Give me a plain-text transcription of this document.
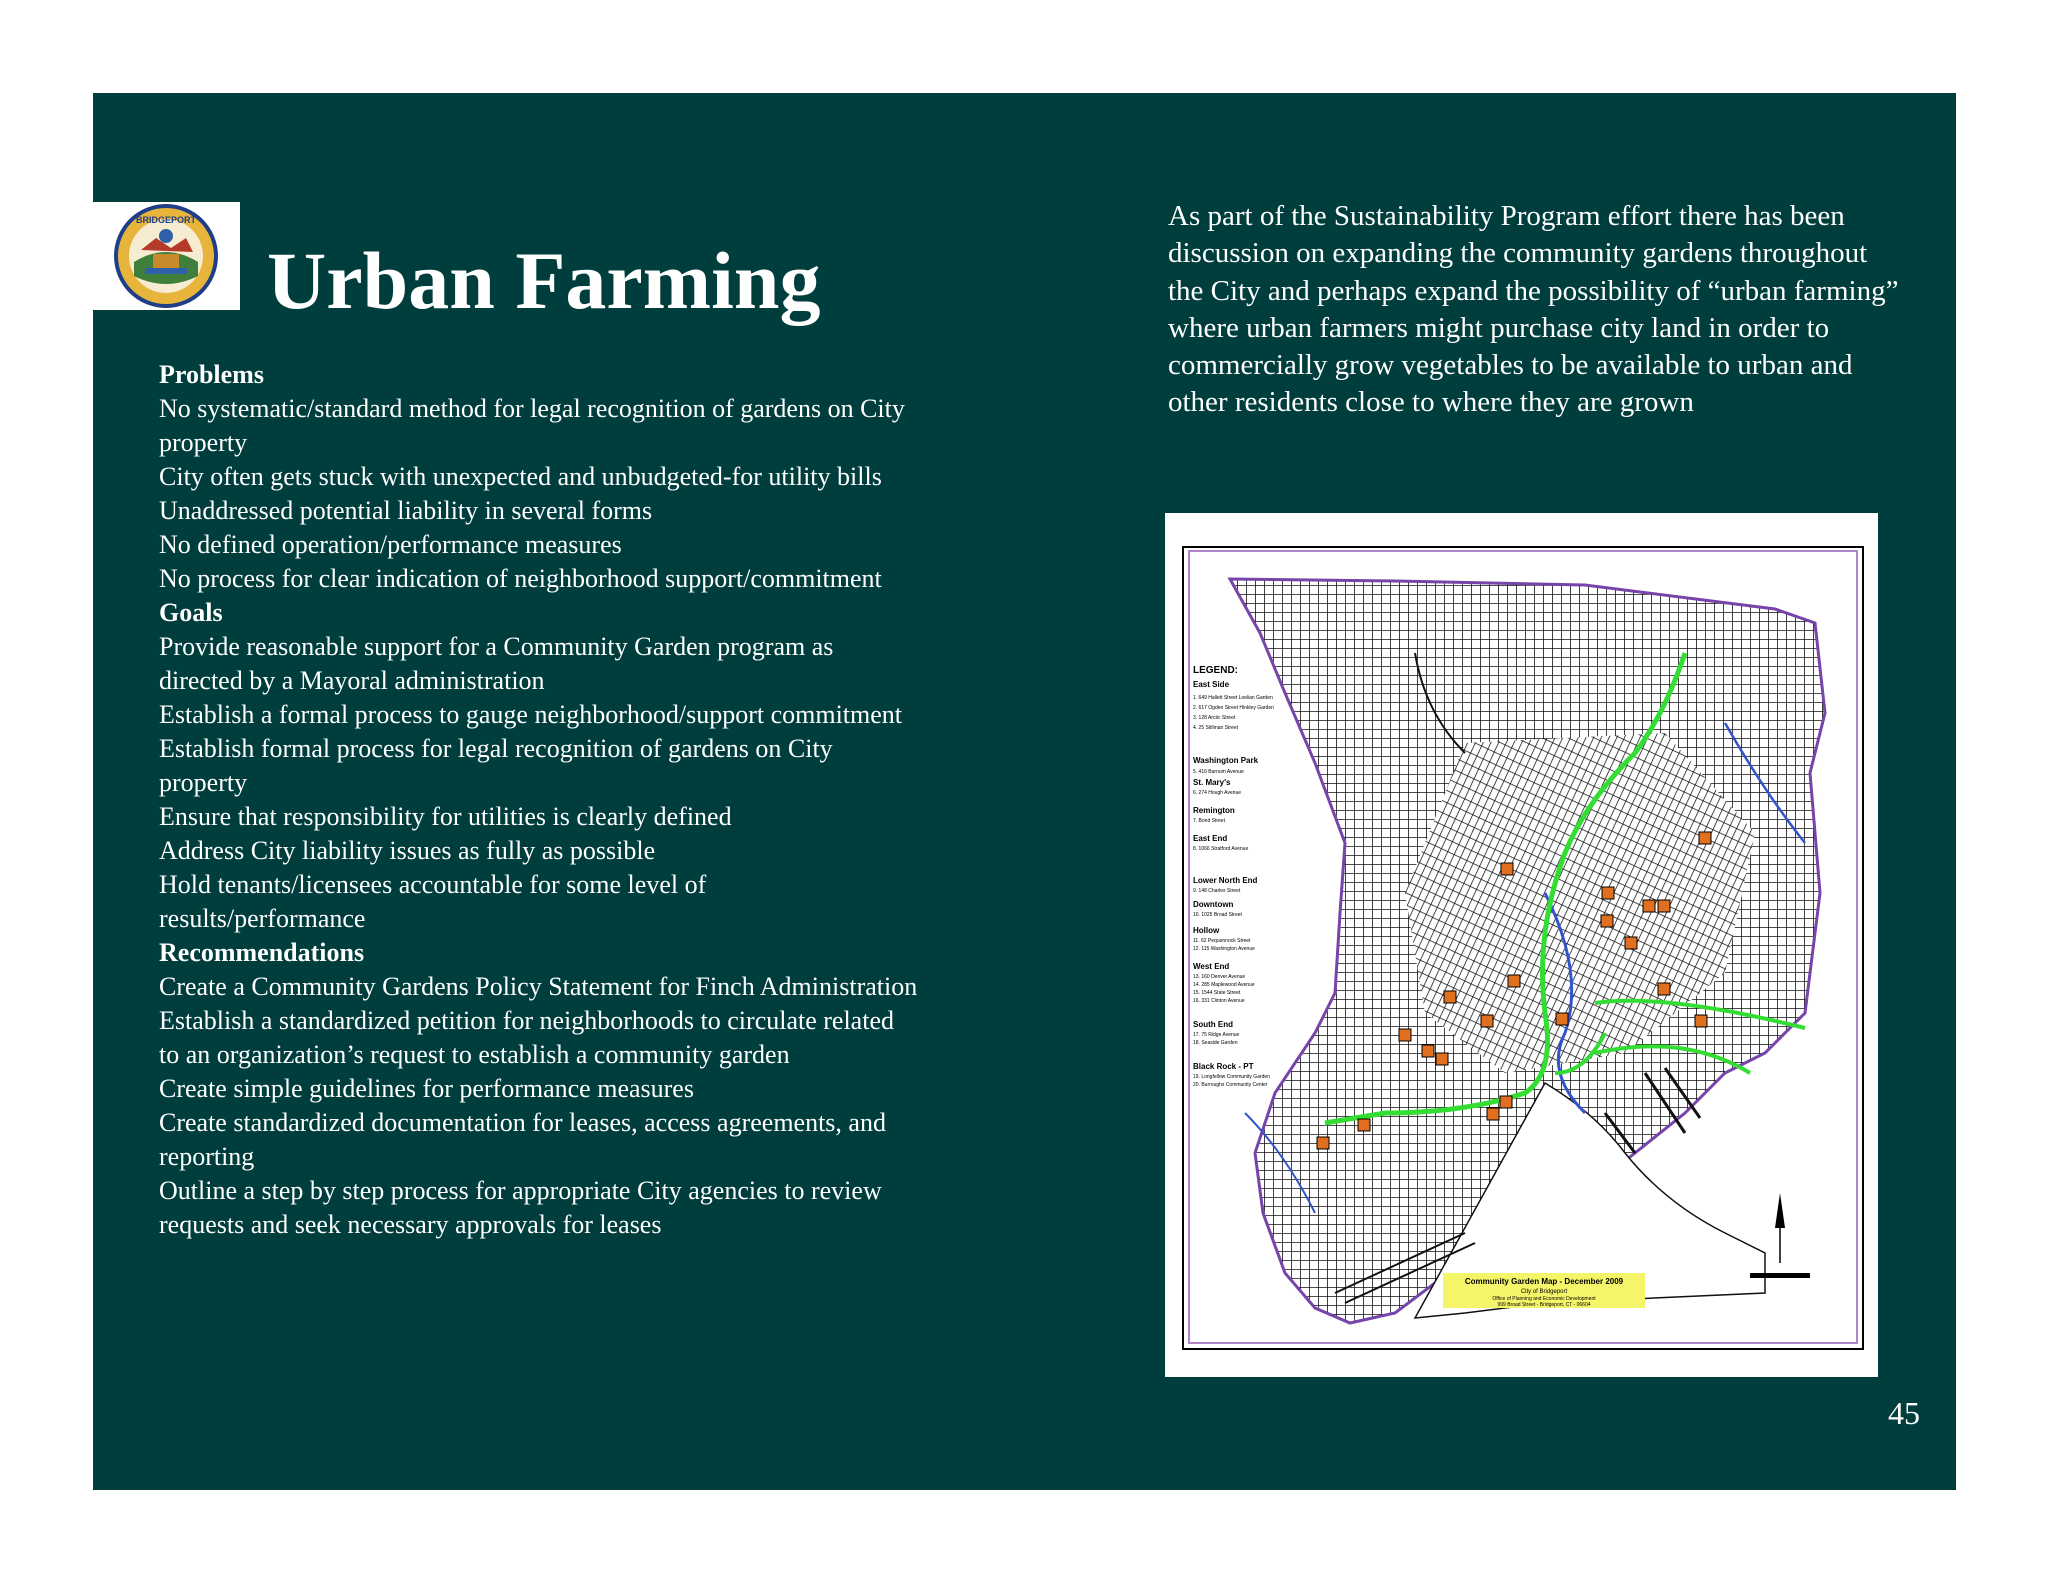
BRIDGEPORT
Urban Farming
Problems
No systematic/standard method for legal recognition of gardens on City property
City often gets stuck with unexpected and unbudgeted-for utility bills
Unaddressed potential liability in several forms
No defined operation/performance measures
No process for clear indication of neighborhood support/commitment
Goals
Provide reasonable support for a Community Garden program as directed by a Mayoral administration
Establish a formal process to gauge neighborhood/support commitment
Establish formal process for legal recognition of gardens on City property
Ensure that responsibility for utilities is clearly defined
Address City liability issues as fully as possible
Hold tenants/licensees accountable for some level of results/performance
Recommendations
Create a Community Gardens Policy Statement for Finch Administration
Establish a standardized petition for neighborhoods to circulate related to an organization’s request to establish a community garden
Create simple guidelines for performance measures
Create standardized documentation for leases, access agreements, and reporting
Outline a step by step process for appropriate City agencies to review requests and seek necessary approvals for leases
As part of the Sustainability Program effort there has been discussion on expanding the community gardens throughout the City and perhaps expand the possibility of “urban farming” where urban farmers might purchase city land in order to commercially grow vegetables to be available to urban and other residents close to where they are grown
LEGEND:
East Side
1. 649 Hallett Street Loelian Garden
2. 617 Ogden Street Hinkley Garden
3. 128 Arctic Street
4. 25 Stillman Street
Washington Park
5. 416 Barnum Avenue
St. Mary's
6. 274 Hough Avenue
Remington
7. Bond Street
East End
8. 1066 Stratford Avenue
Lower North End
9. 148 Charles Street
Downtown
10. 1025 Broad Street
Hollow
11. 62 Pequonnock Street
12. 115 Washington Avenue
West End
13. 160 Denver Avenue
14. 285 Maplewood Avenue
15. 1544 State Street
16. 331 Clinton Avenue
South End
17. 75 Ridge Avenue
18. Seaside Garden
Black Rock - PT
19. Longfellow Community Garden
20. Burroughs Community Center
Community Garden Map - December 2009
City of Bridgeport
Office of Planning and Economic Development
999 Broad Street - Bridgeport, CT - 06604
45
